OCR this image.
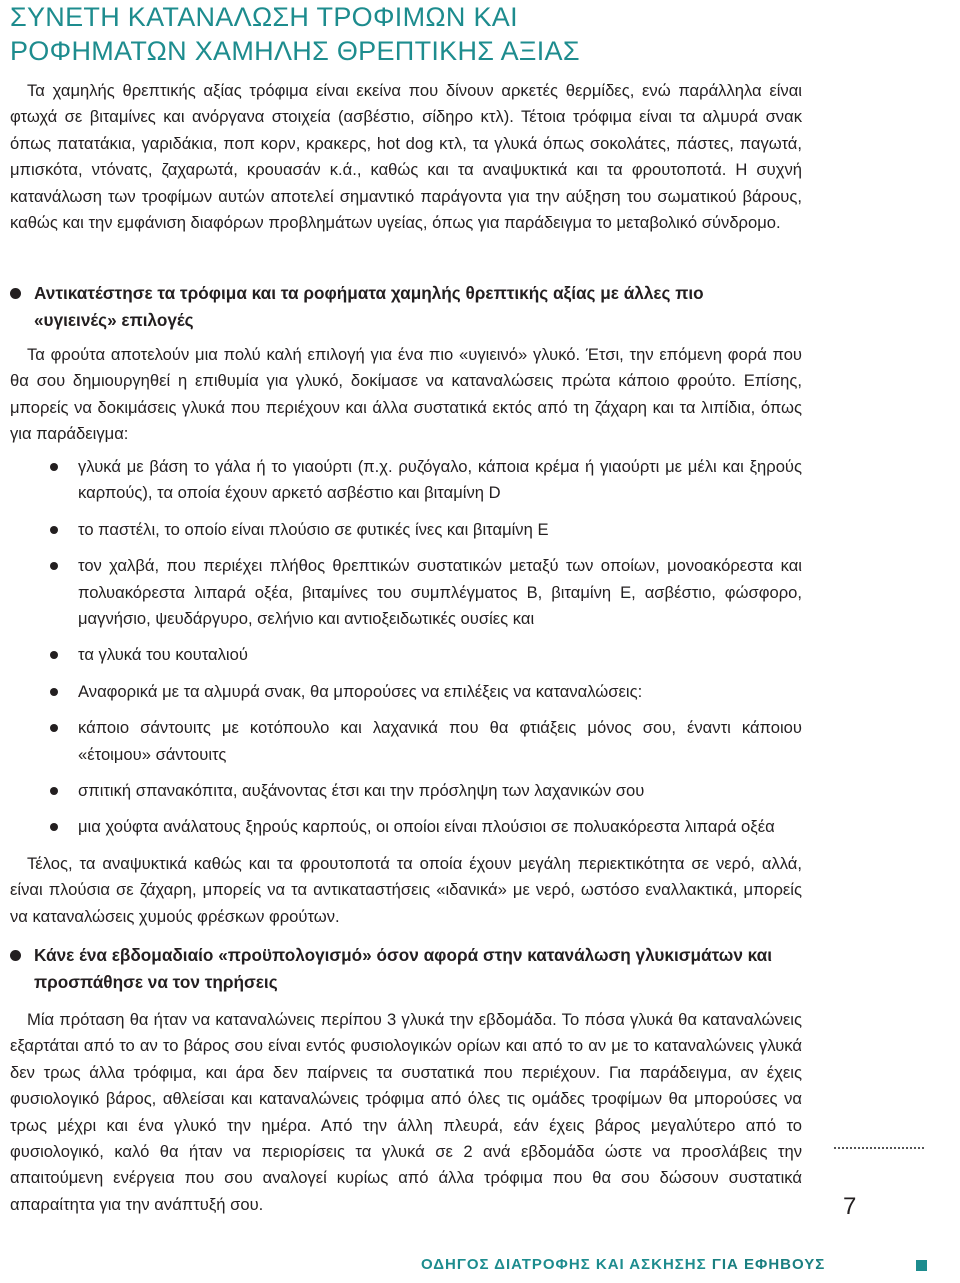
ΣΥΝΕΤΗ ΚΑΤΑΝΑΛΩΣΗ ΤΡΟΦΙΜΩΝ ΚΑΙ
ΡΟΦΗΜΑΤΩΝ ΧΑΜΗΛΗΣ ΘΡΕΠΤΙΚΗΣ ΑΞΙΑΣ

Τα χαμηλής θρεπτικής αξίας τρόφιμα είναι εκείνα που δίνουν αρκετές θερμίδες, ενώ παράλληλα είναι φτωχά σε βιταμίνες και ανόργανα στοιχεία (ασβέστιο, σίδηρο κτλ). Τέτοια τρόφιμα είναι τα αλμυρά σνακ όπως πατατάκια, γαριδάκια, ποπ κορν, κρακερς, hot dog κτλ, τα γλυκά όπως σοκολάτες, πάστες, παγωτά, μπισκότα, ντόνατς, ζαχαρωτά, κρουασάν κ.ά., καθώς και τα αναψυκτικά και τα φρουτοποτά. Η συχνή κατανάλωση των τροφίμων αυτών αποτελεί σημαντικό παράγοντα για την αύξηση του σωματικού βάρους, καθώς και την εμφάνιση διαφόρων προβλημάτων υγείας, όπως για παράδειγμα το μεταβολικό σύνδρομο.

Αντικατέστησε τα τρόφιμα και τα ροφήματα χαμηλής θρεπτικής αξίας με άλλες πιο «υγιεινές» επιλογές

Τα φρούτα αποτελούν μια πολύ καλή επιλογή για ένα πιο «υγιεινό» γλυκό. Έτσι, την επόμενη φορά που θα σου δημιουργηθεί η επιθυμία για γλυκό, δοκίμασε να καταναλώσεις πρώτα κάποιο φρούτο. Επίσης, μπορείς να δοκιμάσεις γλυκά που περιέχουν και άλλα συστατικά εκτός από τη ζάχαρη και τα λιπίδια, όπως για παράδειγμα:

γλυκά με βάση το γάλα ή το γιαούρτι (π.χ. ρυζόγαλο, κάποια κρέμα ή γιαούρτι με μέλι και ξηρούς καρπούς), τα οποία έχουν αρκετό ασβέστιο και βιταμίνη D
το παστέλι, το οποίο είναι πλούσιο σε φυτικές ίνες και βιταμίνη Ε
τον χαλβά, που περιέχει πλήθος θρεπτικών συστατικών μεταξύ των οποίων, μονοακόρεστα και πολυακόρεστα λιπαρά οξέα, βιταμίνες του συμπλέγματος Β, βιταμίνη Ε, ασβέστιο, φώσφορο, μαγνήσιο, ψευδάργυρο, σελήνιο και αντιοξειδωτικές ουσίες και
τα γλυκά του κουταλιού
Αναφορικά με τα αλμυρά σνακ, θα μπορούσες να επιλέξεις να καταναλώσεις:
κάποιο σάντουιτς με κοτόπουλο και λαχανικά που θα φτιάξεις μόνος σου, έναντι κάποιου «έτοιμου» σάντουιτς
σπιτική σπανακόπιτα, αυξάνοντας έτσι και την πρόσληψη των λαχανικών σου
μια χούφτα ανάλατους ξηρούς καρπούς, οι οποίοι είναι πλούσιοι σε πολυακόρεστα λιπαρά οξέα

Τέλος, τα αναψυκτικά καθώς και τα φρουτοποτά τα οποία έχουν μεγάλη περιεκτικότητα σε νερό, αλλά, είναι πλούσια σε ζάχαρη, μπορείς να τα αντικαταστήσεις «ιδανικά» με νερό, ωστόσο εναλλακτικά, μπορείς να καταναλώσεις χυμούς φρέσκων φρούτων.

Κάνε ένα εβδομαδιαίο «προϋπολογισμό» όσον αφορά στην κατανάλωση γλυκισμάτων και προσπάθησε να τον τηρήσεις

Μία πρόταση θα ήταν να καταναλώνεις περίπου 3 γλυκά την εβδομάδα. Το πόσα γλυκά θα καταναλώνεις εξαρτάται από το αν το βάρος σου είναι εντός φυσιολογικών ορίων και από το αν με το καταναλώνεις γλυκά δεν τρως άλλα τρόφιμα, και άρα δεν παίρνεις τα συστατικά που περιέχουν. Για παράδειγμα, αν έχεις φυσιολογικό βάρος, αθλείσαι και καταναλώνεις τρόφιμα από όλες τις ομάδες τροφίμων θα μπορούσες να τρως μέχρι και ένα γλυκό την ημέρα. Από την άλλη πλευρά, εάν έχεις βάρος μεγαλύτερο από το φυσιολογικό, καλό θα ήταν να περιορίσεις τα γλυκά σε 2 ανά εβδομάδα ώστε να προσλάβεις την απαιτούμενη ενέργεια που σου αναλογεί κυρίως από άλλα τρόφιμα που θα σου δώσουν συστατικά απαραίτητα για την ανάπτυξή σου.	7
ΟΔΗΓΟΣ ΔΙΑΤΡΟΦΗΣ ΚΑΙ ΑΣΚΗΣΗΣ ΓΙΑ ΕΦΗΒΟΥΣ
